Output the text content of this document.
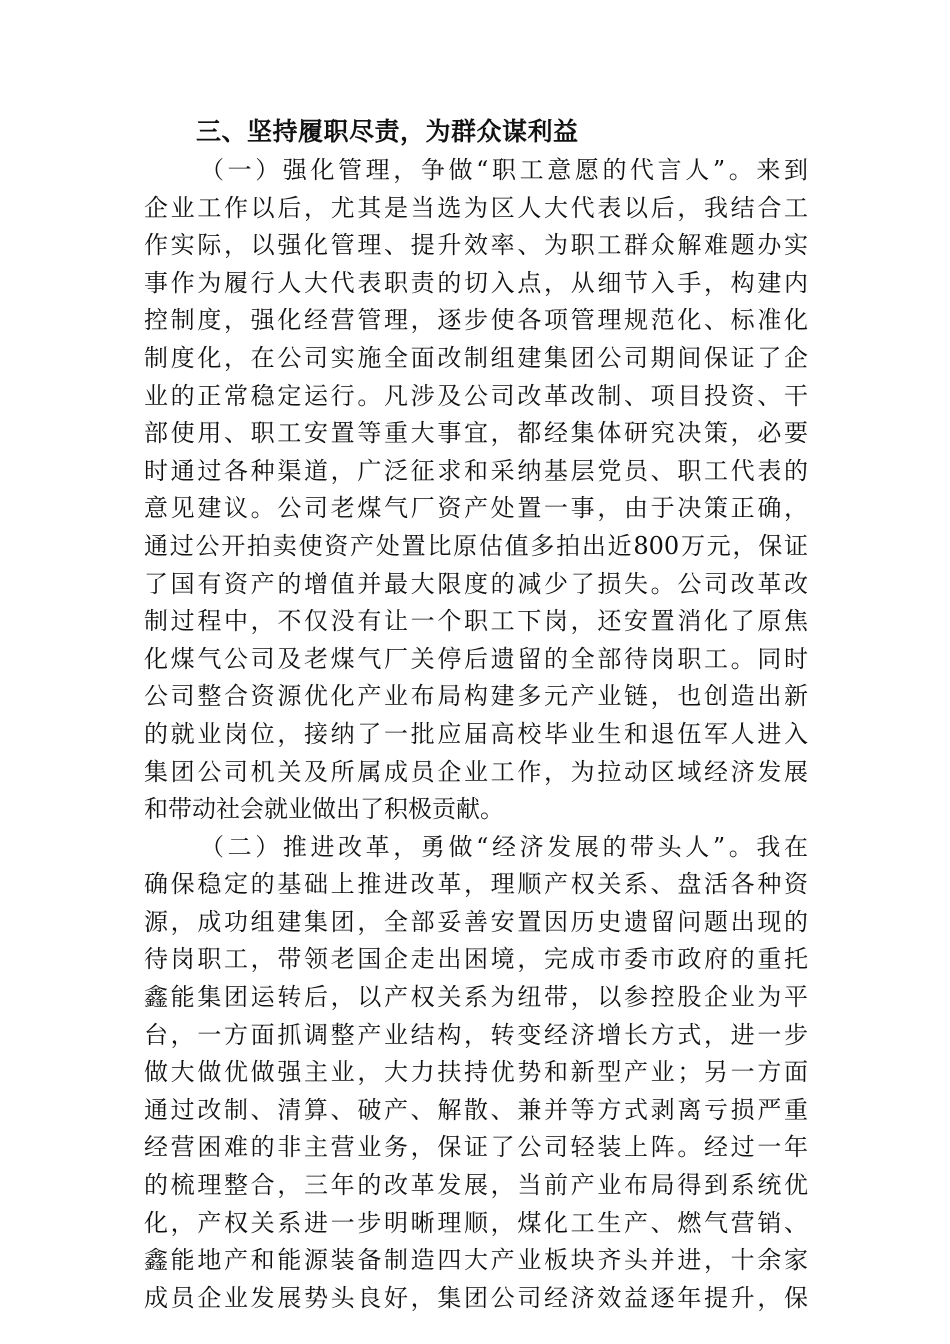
三、坚持履职尽责，为群众谋利益

（一）强化管理，争做“职工意愿的代言人”。来到
企业工作以后，尤其是当选为区人大代表以后，我结合工
作实际，以强化管理、提升效率、为职工群众解难题办实
事作为履行人大代表职责的切入点，从细节入手，构建内
控制度，强化经营管理，逐步使各项管理规范化、标准化
制度化，在公司实施全面改制组建集团公司期间保证了企
业的正常稳定运行。凡涉及公司改革改制、项目投资、干
部使用、职工安置等重大事宜，都经集体研究决策，必要
时通过各种渠道，广泛征求和采纳基层党员、职工代表的
意见建议。公司老煤气厂资产处置一事，由于决策正确，
通过公开拍卖使资产处置比原估值多拍出近800万元，保证
了国有资产的增值并最大限度的减少了损失。公司改革改
制过程中，不仅没有让一个职工下岗，还安置消化了原焦
化煤气公司及老煤气厂关停后遗留的全部待岗职工。同时
公司整合资源优化产业布局构建多元产业链，也创造出新
的就业岗位，接纳了一批应届高校毕业生和退伍军人进入
集团公司机关及所属成员企业工作，为拉动区域经济发展
和带动社会就业做出了积极贡献。

（二）推进改革，勇做“经济发展的带头人”。我在
确保稳定的基础上推进改革，理顺产权关系、盘活各种资
源，成功组建集团，全部妥善安置因历史遗留问题出现的
待岗职工，带领老国企走出困境，完成市委市政府的重托
鑫能集团运转后，以产权关系为纽带，以参控股企业为平
台，一方面抓调整产业结构，转变经济增长方式，进一步
做大做优做强主业，大力扶持优势和新型产业；另一方面
通过改制、清算、破产、解散、兼并等方式剥离亏损严重
经营困难的非主营业务，保证了公司轻装上阵。经过一年
的梳理整合，三年的改革发展，当前产业布局得到系统优
化，产权关系进一步明晰理顺，煤化工生产、燃气营销、
鑫能地产和能源装备制造四大产业板块齐头并进，十余家
成员企业发展势头良好，集团公司经济效益逐年提升，保
